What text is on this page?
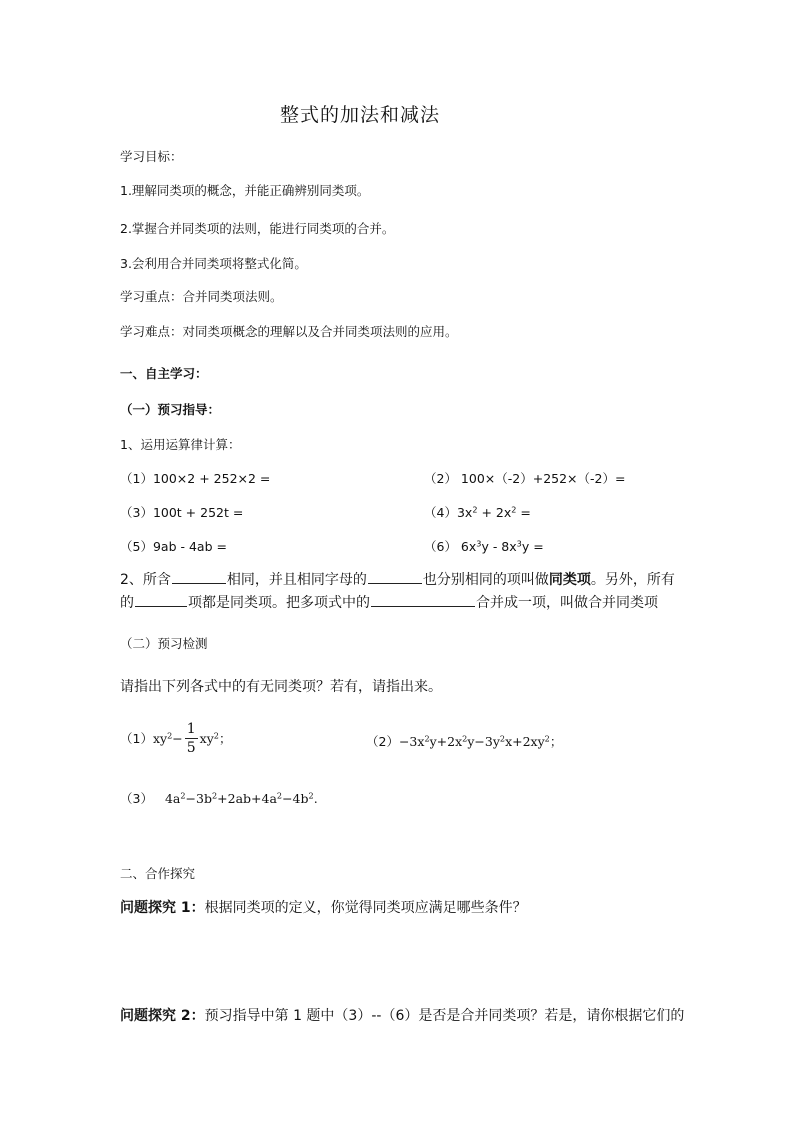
整式的加法和减法
学习目标：
1.理解同类项的概念，并能正确辨别同类项。
2.掌握合并同类项的法则，能进行同类项的合并。
3.会利用合并同类项将整式化简。
学习重点：合并同类项法则。
学习难点：对同类项概念的理解以及合并同类项法则的应用。
一、自主学习：
（一）预习指导：
1、运用运算律计算：
（1）100×2 + 252×2 =	（2） 100×（-2）+252×（-2）=
（3）100t + 252t =	$(4)3x^2 + 2x^2$ =
（5）9ab - 4ab =	（6） $6x^3y - 8x^3y$ =
2、所含	相同，并且相同字母的	也分别相同的项叫做同类项。另外，所有
的	项都是同类项。把多项式中的	合并成一项，叫做合并同类项
（二）预习检测
请指出下列各式中的有无同类项？若有，请指出来。
（1） $xy^2- \frac{1}{5} xy^2$ ；	$(2)-3x^2y+2x^2y-3y^2x+2xy^2$；
（3） $4a^2-3b^2+2ab+4a^2-4b^2$.
二、合作探究
问题探究 1：根据同类项的定义，你觉得同类项应满足哪些条件？
问题探究 2：预习指导中第 1 题中（3）--（6）是否是合并同类项？若是，请你根据它们的
